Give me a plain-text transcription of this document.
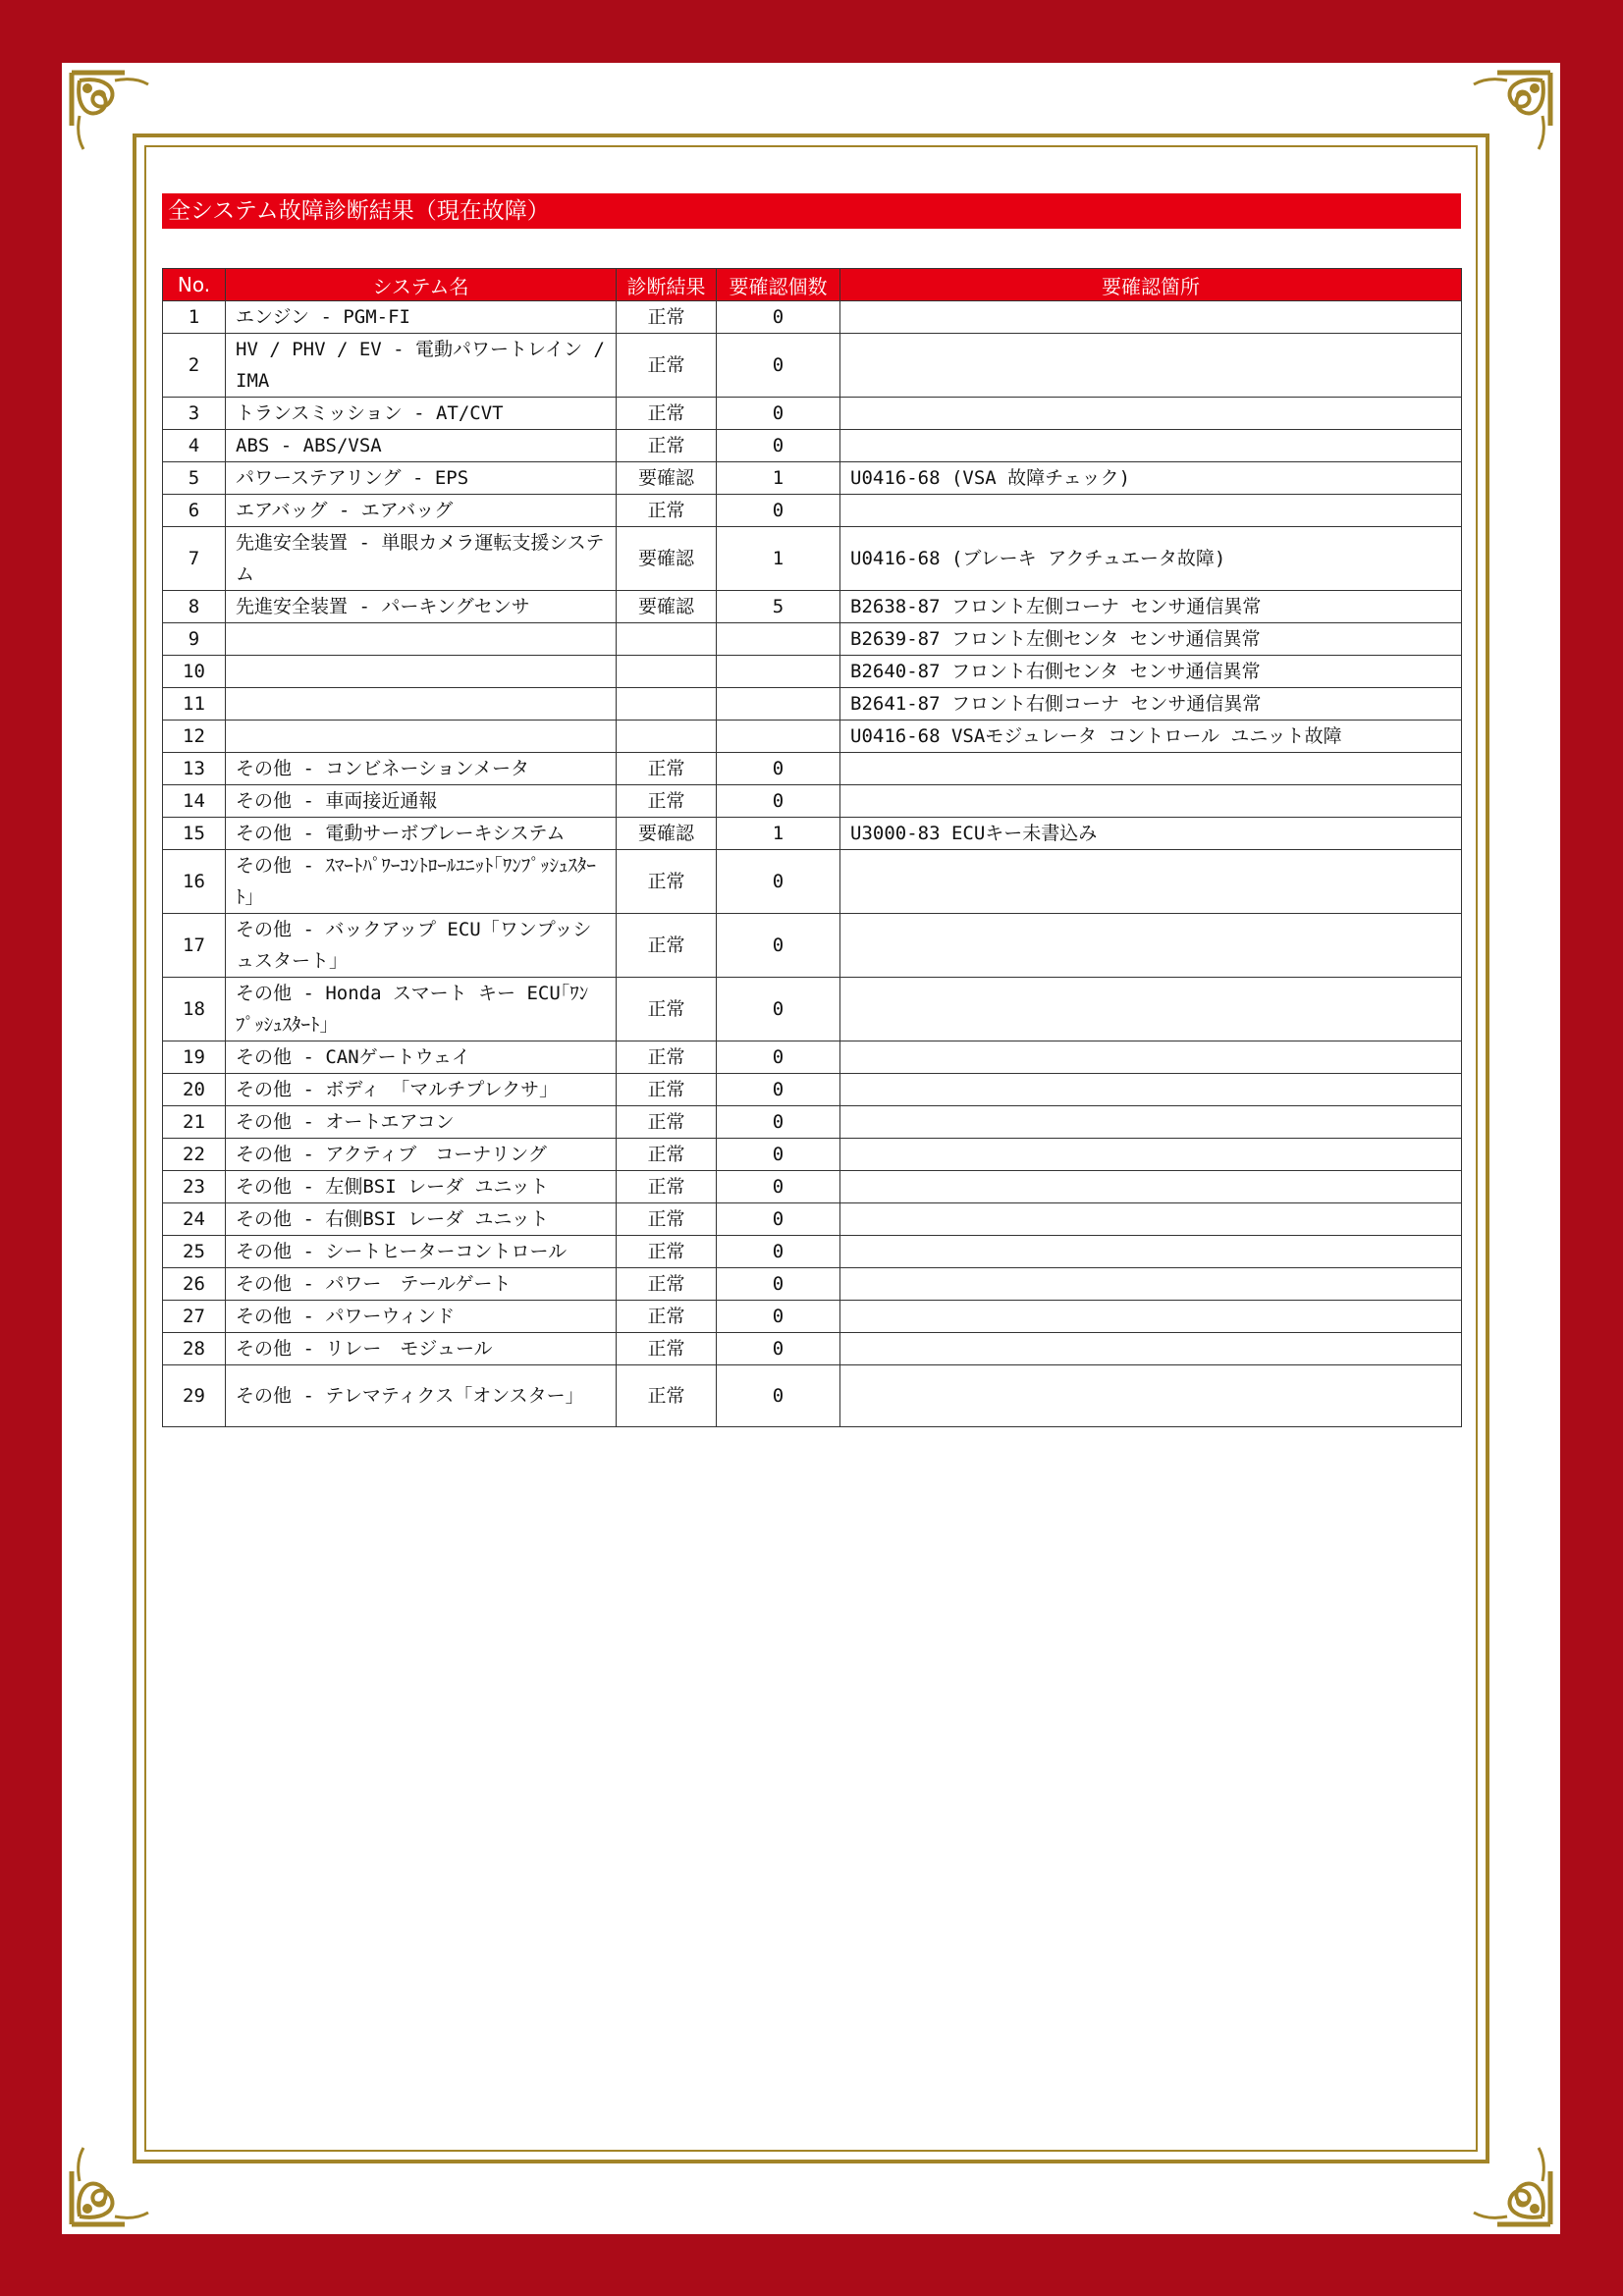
全システム故障診断結果（現在故障）
No.	システム名	診断結果	要確認個数	要確認箇所
1	エンジン - PGM-FI	正常	0	
2	HV / PHV / EV - 電動パワートレイン /IMA	正常	0	
3	トランスミッション - AT/CVT	正常	0	
4	ABS - ABS/VSA	正常	0	
5	パワーステアリング - EPS	要確認	1	U0416-68 (VSA 故障チェック)
6	エアバッグ - エアバッグ	正常	0	
7	先進安全装置 - 単眼カメラ運転支援システム	要確認	1	U0416-68 (ブレーキ アクチュエータ故障)
8	先進安全装置 - パーキングセンサ	要確認	5	B2638-87 フロント左側コーナ センサ通信異常
9				B2639-87 フロント左側センタ センサ通信異常
10				B2640-87 フロント右側センタ センサ通信異常
11				B2641-87 フロント右側コーナ センサ通信異常
12				U0416-68 VSAモジュレータ コントロール ユニット故障
13	その他 - コンビネーションメータ	正常	0	
14	その他 - 車両接近通報	正常	0	
15	その他 - 電動サーボブレーキシステム	要確認	1	U3000-83 ECUキー未書込み
16	その他 - ｽﾏｰﾄﾊﾟﾜｰｺﾝﾄﾛｰﾙﾕﾆｯﾄ｢ﾜﾝﾌﾟｯｼｭｽﾀｰﾄ｣	正常	0	
17	その他 - バックアップ ECU「ワンプッシュスタート」	正常	0	
18	その他 - Honda スマート キー ECU｢ﾜﾝﾌﾟｯｼｭｽﾀｰﾄ｣	正常	0	
19	その他 - CANゲートウェイ	正常	0	
20	その他 - ボディ 「マルチプレクサ」	正常	0	
21	その他 - オートエアコン	正常	0	
22	その他 - アクティブ　コーナリング	正常	0	
23	その他 - 左側BSI レーダ ユニット	正常	0	
24	その他 - 右側BSI レーダ ユニット	正常	0	
25	その他 - シートヒーターコントロール	正常	0	
26	その他 - パワー　テールゲート	正常	0	
27	その他 - パワーウィンド	正常	0	
28	その他 - リレー　モジュール	正常	0	
29	その他 - テレマティクス「オンスター」	正常	0	
